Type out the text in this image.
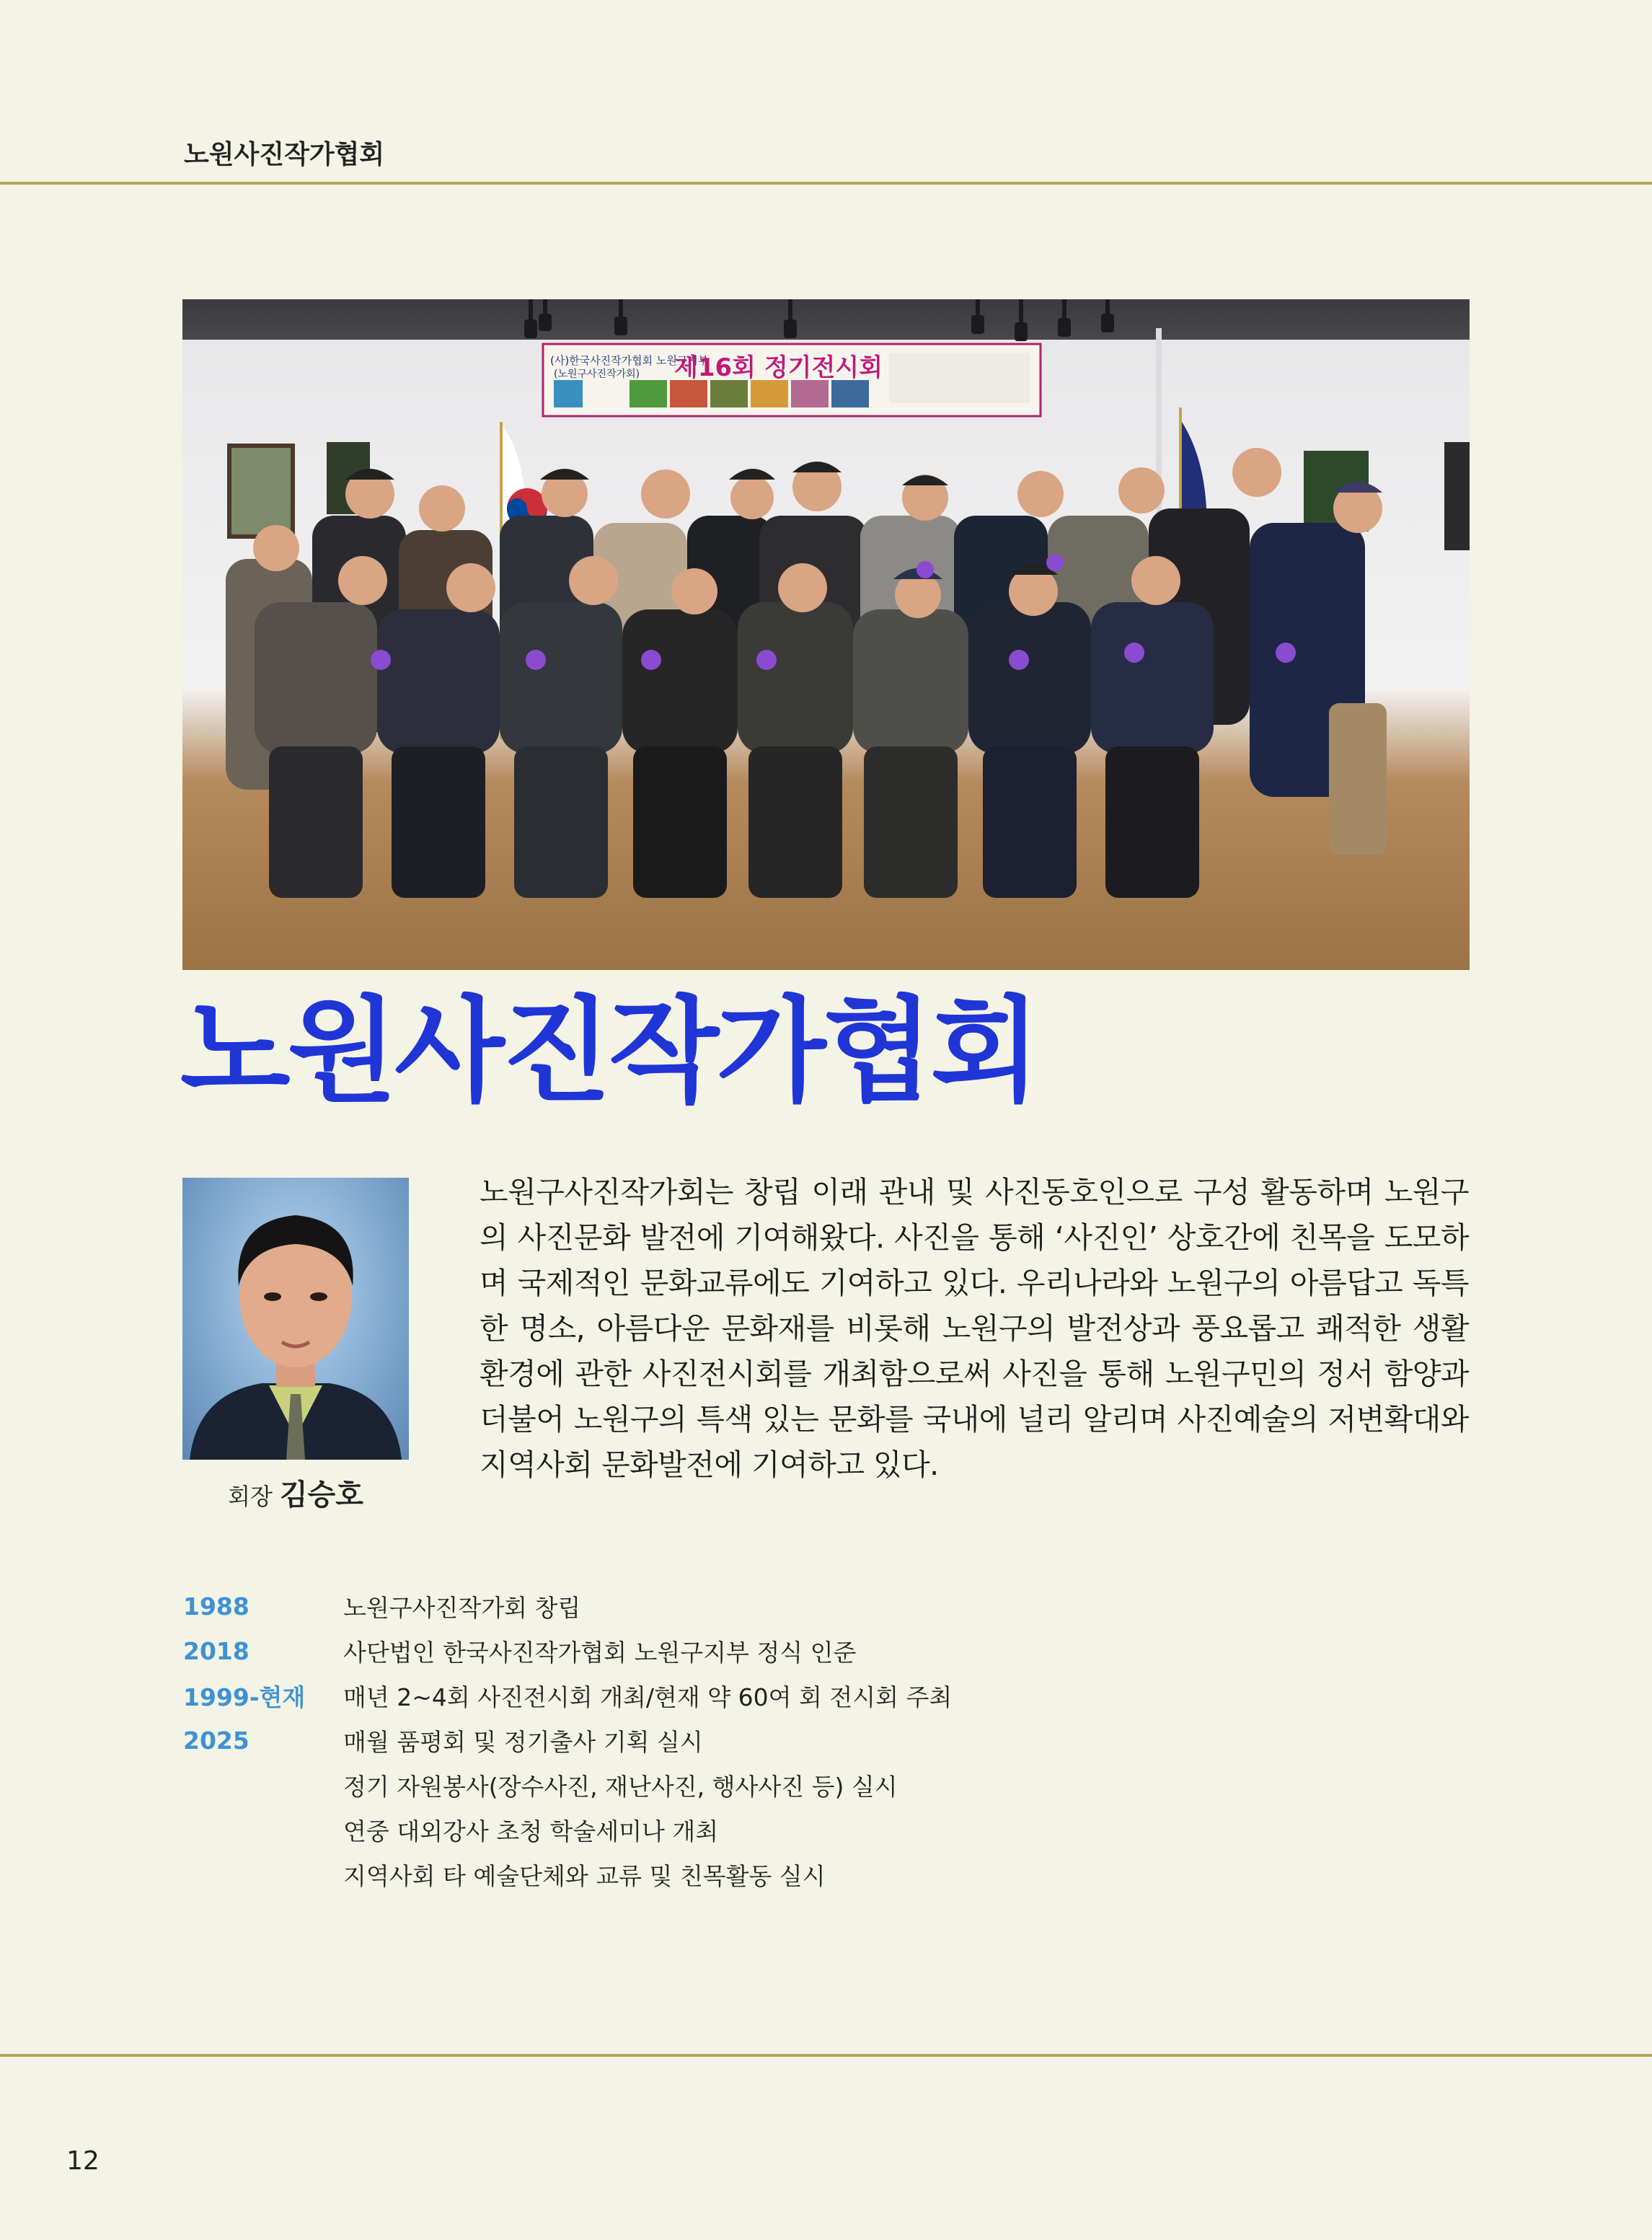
노원사진작가협회
(사)한국사진작가협회 노원구지부
(노원구사진작가회) 제16회 정기전시회
노원사진작가협회
회장 김승호
노원구사진작가회는 창립 이래 관내 및 사진동호인으로 구성 활동하며 노원구의 사진문화 발전에 기여해왔다. 사진을 통해 ‘사진인’ 상호간에 친목을 도모하며 국제적인 문화교류에도 기여하고 있다. 우리나라와 노원구의 아름답고 독특한 명소, 아름다운 문화재를 비롯해 노원구의 발전상과 풍요롭고 쾌적한 생활환경에 관한 사진전시회를 개최함으로써 사진을 통해 노원구민의 정서 함양과 더불어 노원구의 특색 있는 문화를 국내에 널리 알리며 사진예술의 저변확대와 지역사회 문화발전에 기여하고 있다.
1988	노원구사진작가회 창립
2018	사단법인 한국사진작가협회 노원구지부 정식 인준
1999-현재	매년 2~4회 사진전시회 개최/현재 약 60여 회 전시회 주최
2025	매월 품평회 및 정기출사 기획 실시
정기 자원봉사(장수사진, 재난사진, 행사사진 등) 실시
연중 대외강사 초청 학술세미나 개최
지역사회 타 예술단체와 교류 및 친목활동 실시
12
